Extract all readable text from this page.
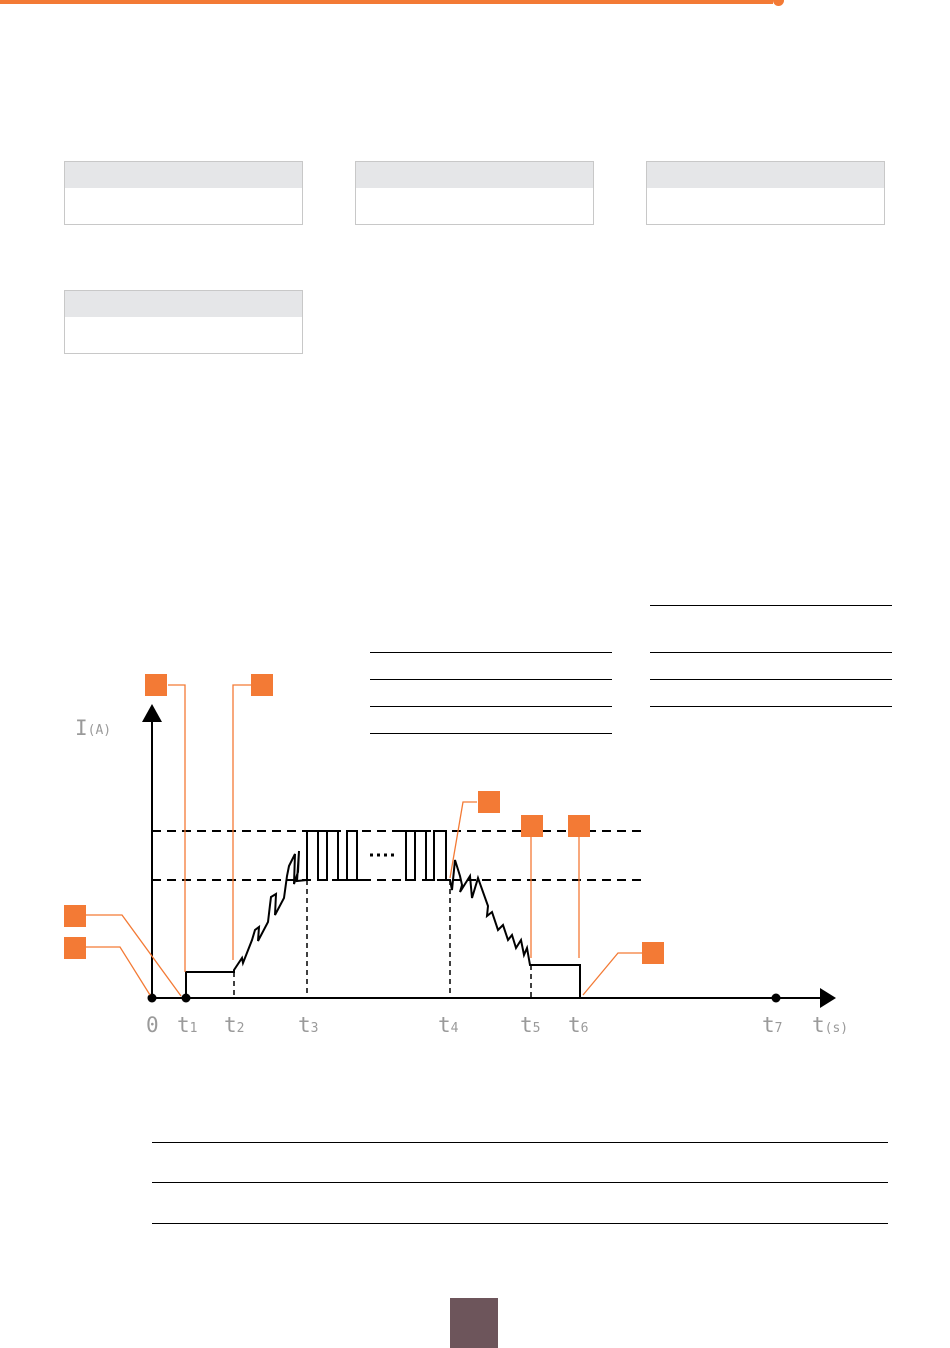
I(A)
0 t1 t2	t3	t4	t5 t6	t7 t(s)
